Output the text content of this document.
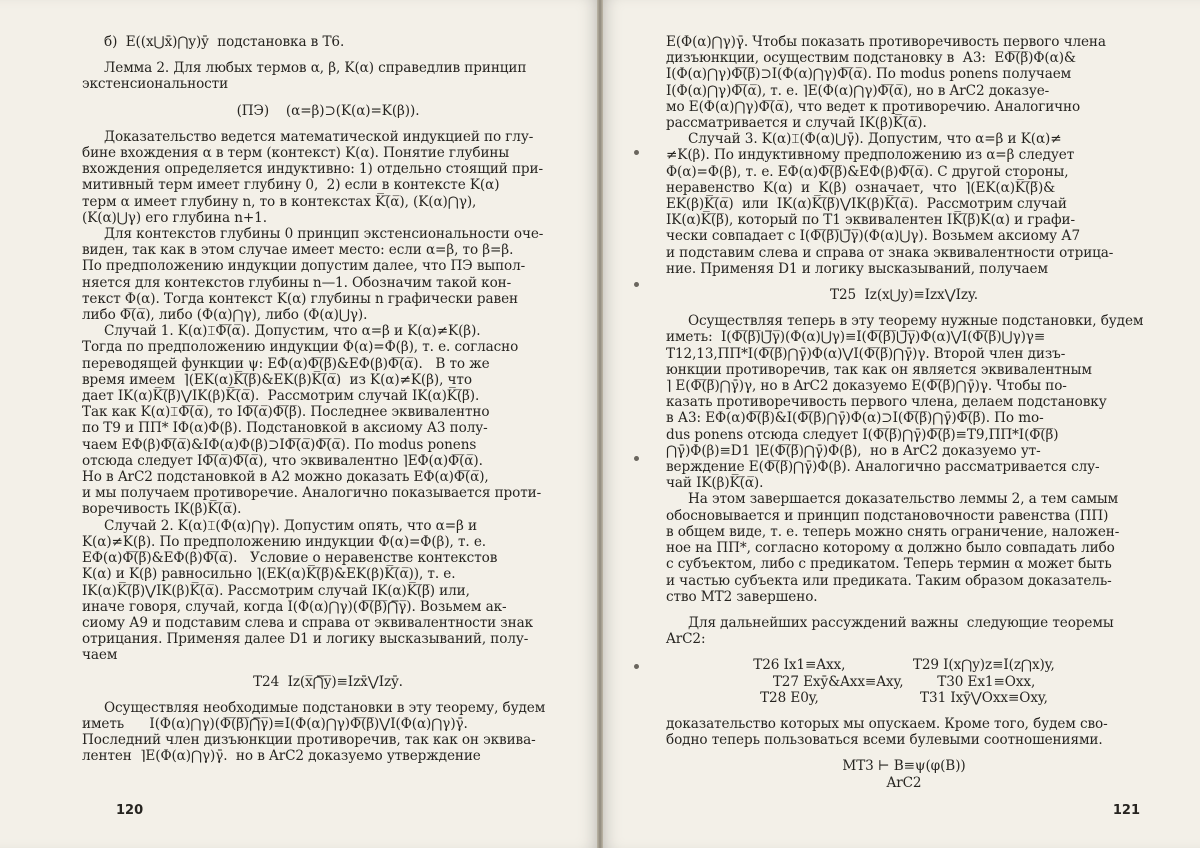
б)  E((x⋃x̄)⋂y)ȳ  подстановка в Т6.

Лемма 2. Для любых термов α, β, K(α) справедлив принцип

экстенсиональности

(ПЭ)    (α=β)⊃(K(α)=K(β)).

Доказательство ведется математической индукцией по глу-

бине вхождения α в терм (контекст) K(α). Понятие глубины

вхождения определяется индуктивно: 1) отдельно стоящий при-

митивный терм имеет глубину 0,  2) если в контексте K(α)

терм α имеет глубину n, то в контекстах K̅(̅α̅), (K(α)⋂γ),

(K(α)⋃γ) его глубина n+1.

Для контекстов глубины 0 принцип экстенсиональности оче-

виден, так как в этом случае имеет место: если α=β, то β=β.

По предположению индукции допустим далее, что ПЭ выпол-

няется для контекстов глубины n—1. Обозначим такой кон-

текст Φ(α). Тогда контекст K(α) глубины n графически равен

либо Φ̅(̅α̅), либо (Φ(α)⋂γ), либо (Φ(α)⋃γ).

Случай 1. K(α)⌶Φ̅(̅α̅). Допустим, что α=β и K(α)≠K(β).

Тогда по предположению индукции Φ(α)=Φ(β), т. е. согласно

переводящей функции ψ: EΦ(α)Φ̅(̅β̅)&EΦ(β)Φ̅(̅α̅).   В то же

время имеем  ⌉(EK(α)K̅(̅β̅)&EK(β)K̅(̅α̅)  из K(α)≠K(β), что

дает IK(α)K̅(̅β̅)⋁IK(β)K̅(̅α̅).  Рассмотрим случай IK(α)K̅(̅β̅).

Так как K(α)⌶Φ̅(̅α̅), то IΦ̅(̅α̅)Φ̅(̅β̅). Последнее эквивалентно

по Т9 и ПП* IΦ(α)Φ(β). Подстановкой в аксиому А3 полу-

чаем EΦ(β)Φ̅(̅α̅)&IΦ(α)Φ(β)⊃IΦ̅(̅α̅)Φ̅(̅α̅). По modus ponens

отсюда следует IΦ̅(̅α̅)Φ̅(̅α̅), что эквивалентно ⌉EΦ(α)Φ̅(̅α̅).

Но в ArC2 подстановкой в А2 можно доказать EΦ(α)Φ̅(̅α̅),

и мы получаем противоречие. Аналогично показывается проти-

воречивость IK(β)K̅(̅α̅).

Случай 2. K(α)⌶(Φ(α)⋂γ). Допустим опять, что α=β и

K(α)≠K(β). По предположению индукции Φ(α)=Φ(β), т. е.

EΦ(α)Φ̅(̅β̅)&EΦ(β)Φ̅(̅α̅).   Условие о неравенстве контекстов

K(α) и K(β) равносильно ⌉(EK(α)K̅(̅β̅)&EK(β)K̅(̅α̅)), т. е.

IK(α)K̅(̅β̅)⋁IK(β)K̅(̅α̅). Рассмотрим случай IK(α)K̅(̅β̅) или,

иначе говоря, случай, когда I(Φ(α)⋂γ)(Φ̅(̅β̅)̅⋂̅γ̅). Возьмем ак-

сиому А9 и подставим слева и справа от эквивалентности знак

отрицания. Применяя далее D1 и логику высказываний, полу-

чаем

Т24  Iz(x̅⋂̅y̅)≡Izx̄⋁Izȳ.

Осуществляя необходимые подстановки в эту теорему, будем

иметь      I(Φ(α)⋂γ)(Φ̅(̅β̅)̅⋂̅γ̅)≡I(Φ(α)⋂γ)Φ̅(̅β̅)⋁I(Φ(α)⋂γ)γ̄.

Последний член дизъюнкции противоречив, так как он эквива-

лентен  ⌉E(Φ(α)⋂γ)γ̄.  но в ArC2 доказуемо утверждение

120

E(Φ(α)⋂γ)γ̄. Чтобы показать противоречивость первого члена

дизъюнкции, осуществим подстановку в  А3:  EΦ̅(̅β̅)Φ(α)&

I(Φ(α)⋂γ)Φ̅(̅β̅)⊃I(Φ(α)⋂γ)Φ̅(̅α̅). По modus ponens получаем

I(Φ(α)⋂γ)Φ̅(̅α̅), т. е. ⌉E(Φ(α)⋂γ)Φ̅(̅α̅), но в ArC2 доказуе-

мо E(Φ(α)⋂γ)Φ̅(̅α̅), что ведет к противоречию. Аналогично

рассматривается и случай IK(β)K̅(̅α̅).

Случай 3. K(α)⌶(Φ(α)⋃γ̄). Допустим, что α=β и K(α)≠

≠K(β). По индуктивному предположению из α=β следует

Φ(α)=Φ(β), т. е. EΦ(α)Φ̅(̅β̅)&EΦ(β)Φ̅(̅α̅). С другой стороны,

неравенство  K(α)  и  K(β)  означает,  что  ⌉(EK(α)K̅(̅β̅)&

EK(β)K̅(̅α̅)  или  IK(α)K̅(̅β̅)⋁IK(β)K̅(̅α̅).  Рассмотрим случай

IK(α)K̅(̅β̅), который по Т1 эквивалентен IK̅(̅β̅)K(α) и графи-

чески совпадает с I(Φ̅(̅β̅)̅⋃̅γ̅)(Φ(α)⋃γ). Возьмем аксиому А7

и подставим слева и справа от знака эквивалентности отрица-

ние. Применяя D1 и логику высказываний, получаем

Т25  Iz(x⋃y)≡Izx⋁Izy.

Осуществляя теперь в эту теорему нужные подстановки, будем

иметь:  I(Φ̅(̅β̅)̅⋃̅γ̅)(Φ(α)⋃γ)≡I(Φ̅(̅β̅)̅⋃̅γ̅)Φ(α)⋁I(Φ̅(̅β̅)⋃γ)γ≡

Т12,13,ПП*I(Φ̅(̅β̅)⋂γ̄)Φ(α)⋁I(Φ̅(̅β̅)⋂γ̄)γ. Второй член дизъ-

юнкции противоречив, так как он является эквивалентным

⌉ E(Φ̅(̅β̅)⋂γ̄)γ, но в ArC2 доказуемо E(Φ̅(̅β̅)⋂γ̄)γ. Чтобы по-

казать противоречивость первого члена, делаем подстановку

в А3: EΦ(α)Φ̅(̅β̅)&I(Φ̅(̅β̅)⋂γ̄)Φ(α)⊃I(Φ̅(̅β̅)⋂γ̄)Φ̅(̅β̅). По mo-

dus ponens отсюда следует I(Φ̅(̅β̅)⋂γ̄)Φ̅(̅β̅)≡Т9,ПП*I(Φ̅(̅β̅)

⋂γ̄)Φ(β)≡D1 ⌉E(Φ̅(̅β̅)⋂γ̄)Φ(β),  но в ArC2 доказуемо ут-

верждение E(Φ̅(̅β̅)⋂γ̄)Φ(β). Аналогично рассматривается слу-

чай IK(β)K̅(̅α̅).

На этом завершается доказательство леммы 2, а тем самым

обосновывается и принцип подстановочности равенства (ПП)

в общем виде, т. е. теперь можно снять ограничение, наложен-

ное на ПП*, согласно которому α должно было совпадать либо

с субъектом, либо с предикатом. Теперь термин α может быть

и частью субъекта или предиката. Таким образом доказатель-

ство МТ2 завершено.

Для дальнейших рассуждений важны  следующие теоремы

ArC2:

Т26 Ix1≡Axx,                Т29 I(x⋂y)z≡I(z⋂x)y,

Т27 Exȳ&Axx≡Axy,        Т30 Ex1≡Oxx,

Т28 E0y,                        Т31 Ixȳ⋁Oxx≡Oxy,

доказательство которых мы опускаем. Кроме того, будем сво-

бодно теперь пользоваться всеми булевыми соотношениями.

МТ3 ⊢ B≡ψ(φ(B))

ArC2

121
